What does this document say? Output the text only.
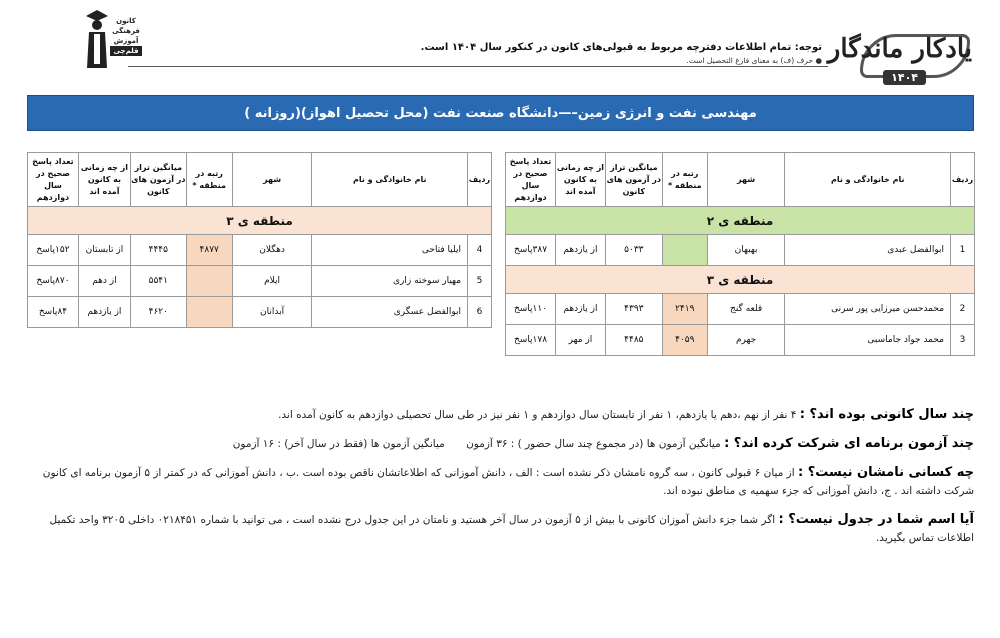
کانون
فرهنگی
آموزش
قلم‌چی	توجه: تمام اطلاعات دفترچه مربوط به قبولی‌های کانون در کنکور سال ۱۴۰۴ است.
● حرف (ف) به معنای فارغ التحصیل است. یادکار ماندگار
۱۴۰۴
مهندسی نفت و انرژی زمین–—دانشگاه صنعت نفت (محل تحصیل اهواز)(روزانه )
ردیف	نام خانوادگی و نام	شهر	رتبه در منطقه *	میانگین تراز در آزمون های کانون	از چه زمانی به کانون آمده اند	تعداد پاسخ صحیح در سال دوازدهم
منطقه ی ۲						
1	ابوالفضل عبدی	بهبهان		۵۰۳۳	از یازدهم	۳۸۷پاسخ
منطقه ی ۳						
2	محمدحسن میرزایی پور سرنی	قلعه گنج	۲۴۱۹	۴۳۹۳	از یازدهم	۱۱۰پاسخ
3	محمد جواد جاماسبی	جهرم	۴۰۵۹	۴۴۸۵	از مهر	۱۷۸پاسخ
ردیف	نام خانوادگی و نام	شهر	رتبه در منطقه *	میانگین تراز در آزمون های کانون	از چه زمانی به کانون آمده اند	تعداد پاسخ صحیح در سال دوازدهم
منطقه ی ۳						
4	ایلیا فتاحی	دهگلان	۴۸۷۷	۴۴۴۵	از تابستان	۱۵۲پاسخ
5	مهیار سوخته زاری	ایلام		۵۵۴۱	از دهم	۸۷۰پاسخ
6	ابوالفضل عسگری	آبدانان		۴۶۲۰	از یازدهم	۸۴پاسخ
چند سال کانونی بوده اند؟ : ۴ نفر از نهم ،دهم یا یازدهم، ۱ نفر از تابستان سال دوازدهم و ۱ نفر نیز در طی سال تحصیلی دوازدهم به کانون آمده اند.
چند آزمون برنامه ای شرکت کرده اند؟ : میانگین آزمون ها (در مجموع چند سال حضور ) : ۳۶ آزمون میانگین آزمون ها (فقط در سال آخر) : ۱۶ آزمون
چه کسانی نامشان نیست؟ : از میان ۶ قبولی کانون ، سه گروه نامشان ذکر نشده است : الف ، دانش آموزانی که اطلاعاتشان ناقص بوده است .ب ، دانش آموزانی که در کمتر از ۵ آزمون برنامه ای کانون شرکت داشته اند . ج، دانش آموزانی که جزء سهمیه ی مناطق نبوده اند.
آیا اسم شما در جدول نیست؟ : اگر شما جزء دانش آموزان کانونی با بیش از ۵ آزمون در سال آخر هستید و نامتان در این جدول درج نشده است ، می توانید با شماره ۰۲۱۸۴۵۱ داخلی ۳۲۰۵ واحد تکمیل اطلاعات تماس بگیرید.
